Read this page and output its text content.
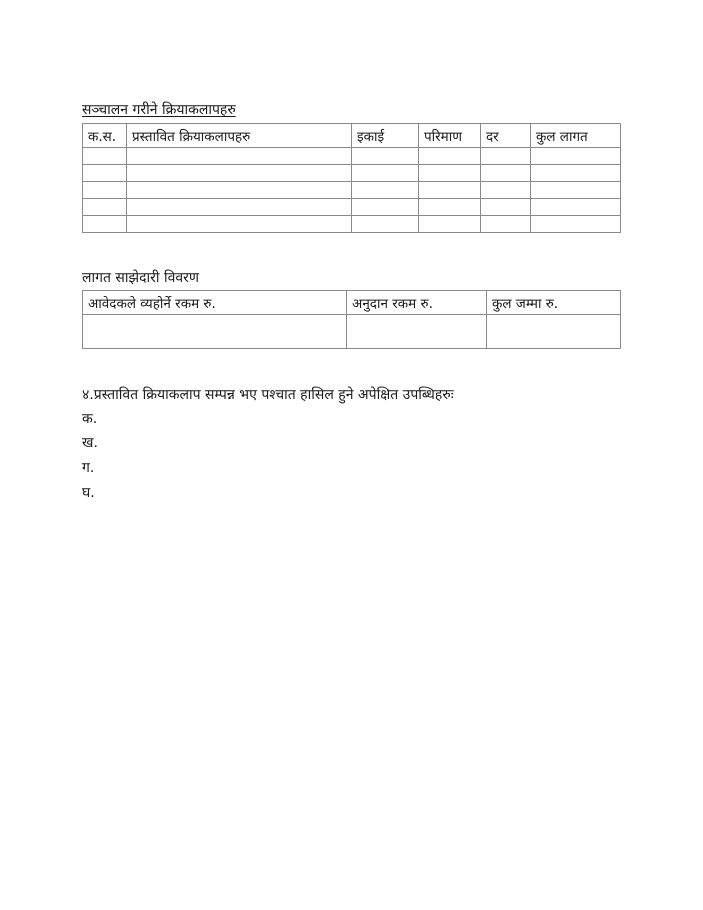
सञ्चालन गरीने क्रियाकलापहरु
क.स.	प्रस्तावित क्रियाकलापहरु	इकाई	परिमाण	दर	कुल लागत

लागत साझेदारी विवरण
आवेदकले व्यहोर्ने रकम रु.	अनुदान रकम रु.	कुल जम्मा रु.

४.प्रस्तावित क्रियाकलाप सम्पन्न भए पश्चात हासिल हुने अपेक्षित उपब्धिहरुः
क.
ख.
ग.
घ.
